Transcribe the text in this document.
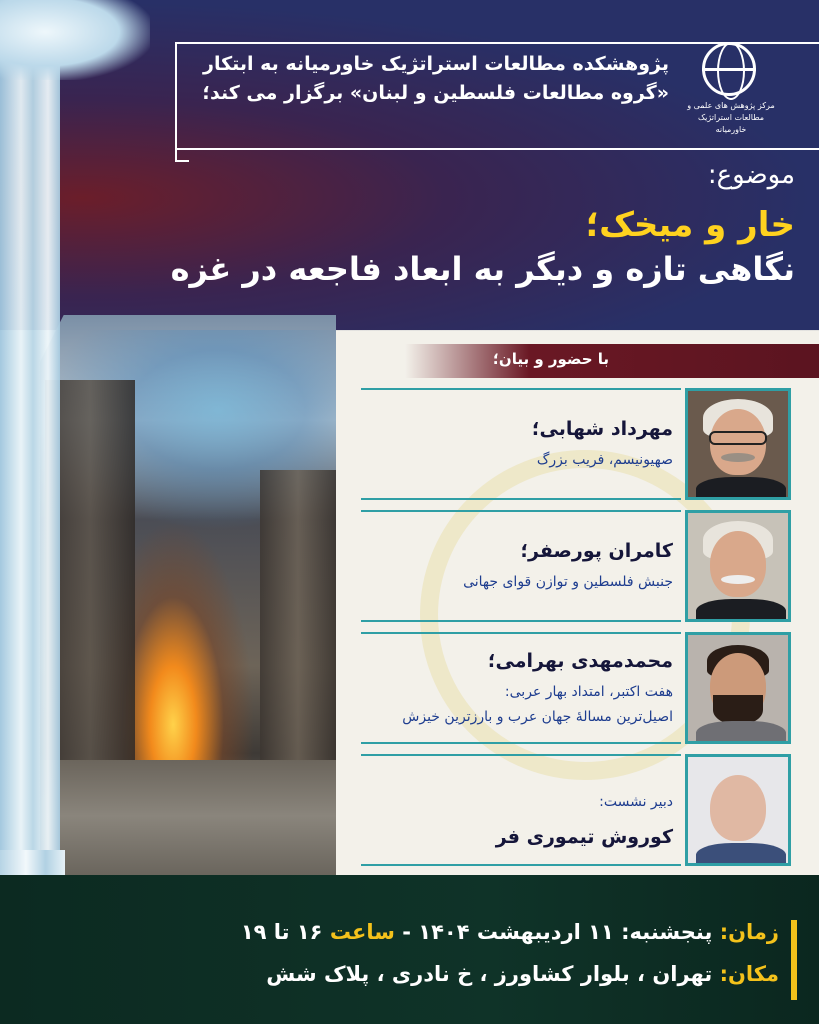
پژوهشکده مطالعات استراتژیک خاورمیانه به ابتکار
«گروه مطالعات فلسطین و لبنان» برگزار می کند؛
مرکز پژوهش های علمی و مطالعات استراتژیک خاورمیانه
موضوع:
خار و میخک؛
نگاهی تازه و دیگر به ابعاد فاجعه در غزه
با حضور و بیان؛
مهرداد شهابی؛
صهیونیسم، فریب بزرگ
کامران پورصفر؛
جنبش فلسطین و توازن قوای جهانی
محمدمهدی بهرامی؛
هفت اکتبر، امتداد بهار عربی:
اصیل‌ترین مسالهٔ جهان عرب و بارزترین خیزش
دبیر نشست:
کوروش تیموری فر
زمان: پنجشنبه: ۱۱ اردیبهشت ۱۴۰۴ - ساعت ۱۶ تا ۱۹
مکان: تهران ، بلوار کشاورز ، خ نادری ، پلاک شش
